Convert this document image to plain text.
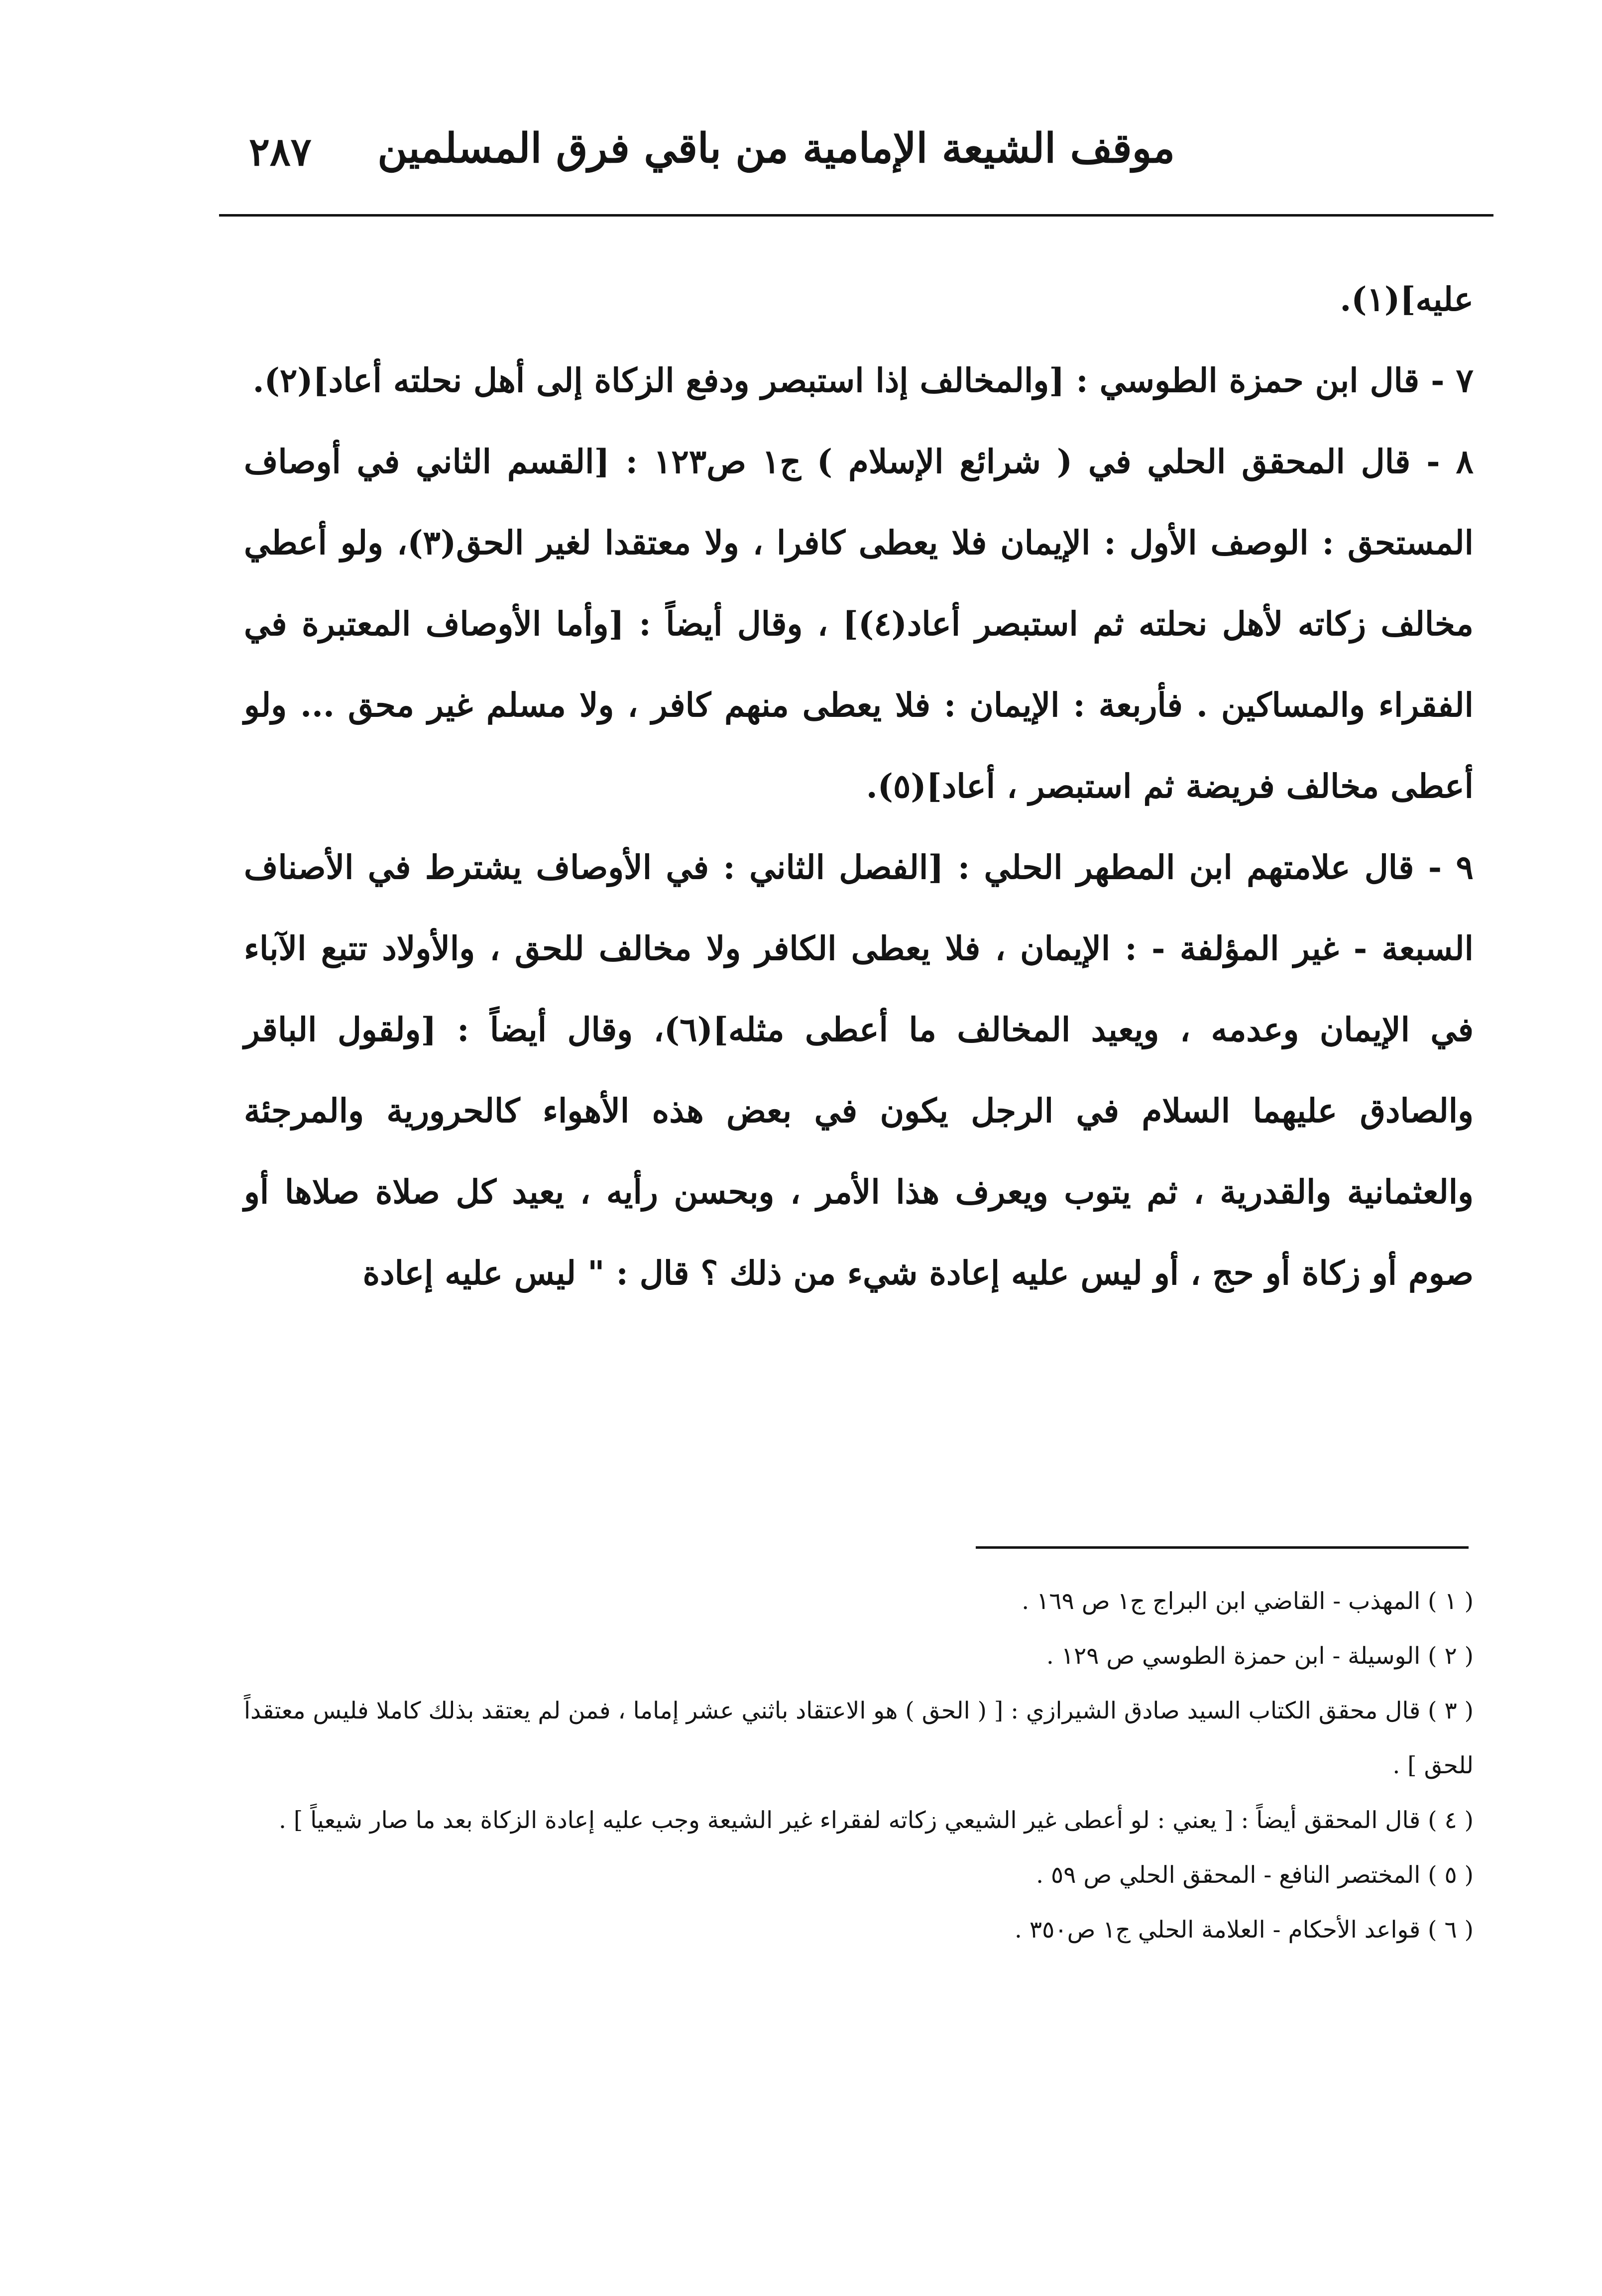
موقف الشيعة الإمامية من باقي فرق المسلمين
٢٨٧

عليه](١).

٧ - قال ابن حمزة الطوسي : [والمخالف إذا استبصر ودفع الزكاة إلى أهل نحلته أعاد](٢).

٨ - قال المحقق الحلي في ( شرائع الإسلام ) ج١ ص١٢٣ : [القسم الثاني في أوصاف المستحق : الوصف الأول : الإيمان فلا يعطى كافرا ، ولا معتقدا لغير الحق(٣)، ولو أعطي مخالف زكاته لأهل نحلته ثم استبصر أعاد(٤)] ، وقال أيضاً : [وأما الأوصاف المعتبرة في الفقراء والمساكين . فأربعة : الإيمان : فلا يعطى منهم كافر ، ولا مسلم غير محق ... ولو أعطى مخالف فريضة ثم استبصر ، أعاد](٥).

٩ - قال علامتهم ابن المطهر الحلي : [الفصل الثاني : في الأوصاف يشترط في الأصناف السبعة - غير المؤلفة - : الإيمان ، فلا يعطى الكافر ولا مخالف للحق ، والأولاد تتبع الآباء في الإيمان وعدمه ، ويعيد المخالف ما أعطى مثله](٦)، وقال أيضاً : [ولقول الباقر والصادق عليهما السلام في الرجل يكون في بعض هذه الأهواء كالحرورية والمرجئة والعثمانية والقدرية ، ثم يتوب ويعرف هذا الأمر ، وبحسن رأيه ، يعيد كل صلاة صلاها أو صوم أو زكاة أو حج ، أو ليس عليه إعادة شيء من ذلك ؟ قال : " ليس عليه إعادة

( ١ ) المهذب - القاضي ابن البراج ج١ ص ١٦٩ .

( ٢ ) الوسيلة - ابن حمزة الطوسي ص ١٢٩ .

( ٣ ) قال محقق الكتاب السيد صادق الشيرازي : [ ( الحق ) هو الاعتقاد باثني عشر إماما ، فمن لم يعتقد بذلك كاملا فليس معتقداً للحق ] .

( ٤ ) قال المحقق أيضاً : [ يعني : لو أعطى غير الشيعي زكاته لفقراء غير الشيعة وجب عليه إعادة الزكاة بعد ما صار شيعياً ] .

( ٥ ) المختصر النافع - المحقق الحلي ص ٥٩ .

( ٦ ) قواعد الأحكام - العلامة الحلي ج١ ص٣٥٠ .
